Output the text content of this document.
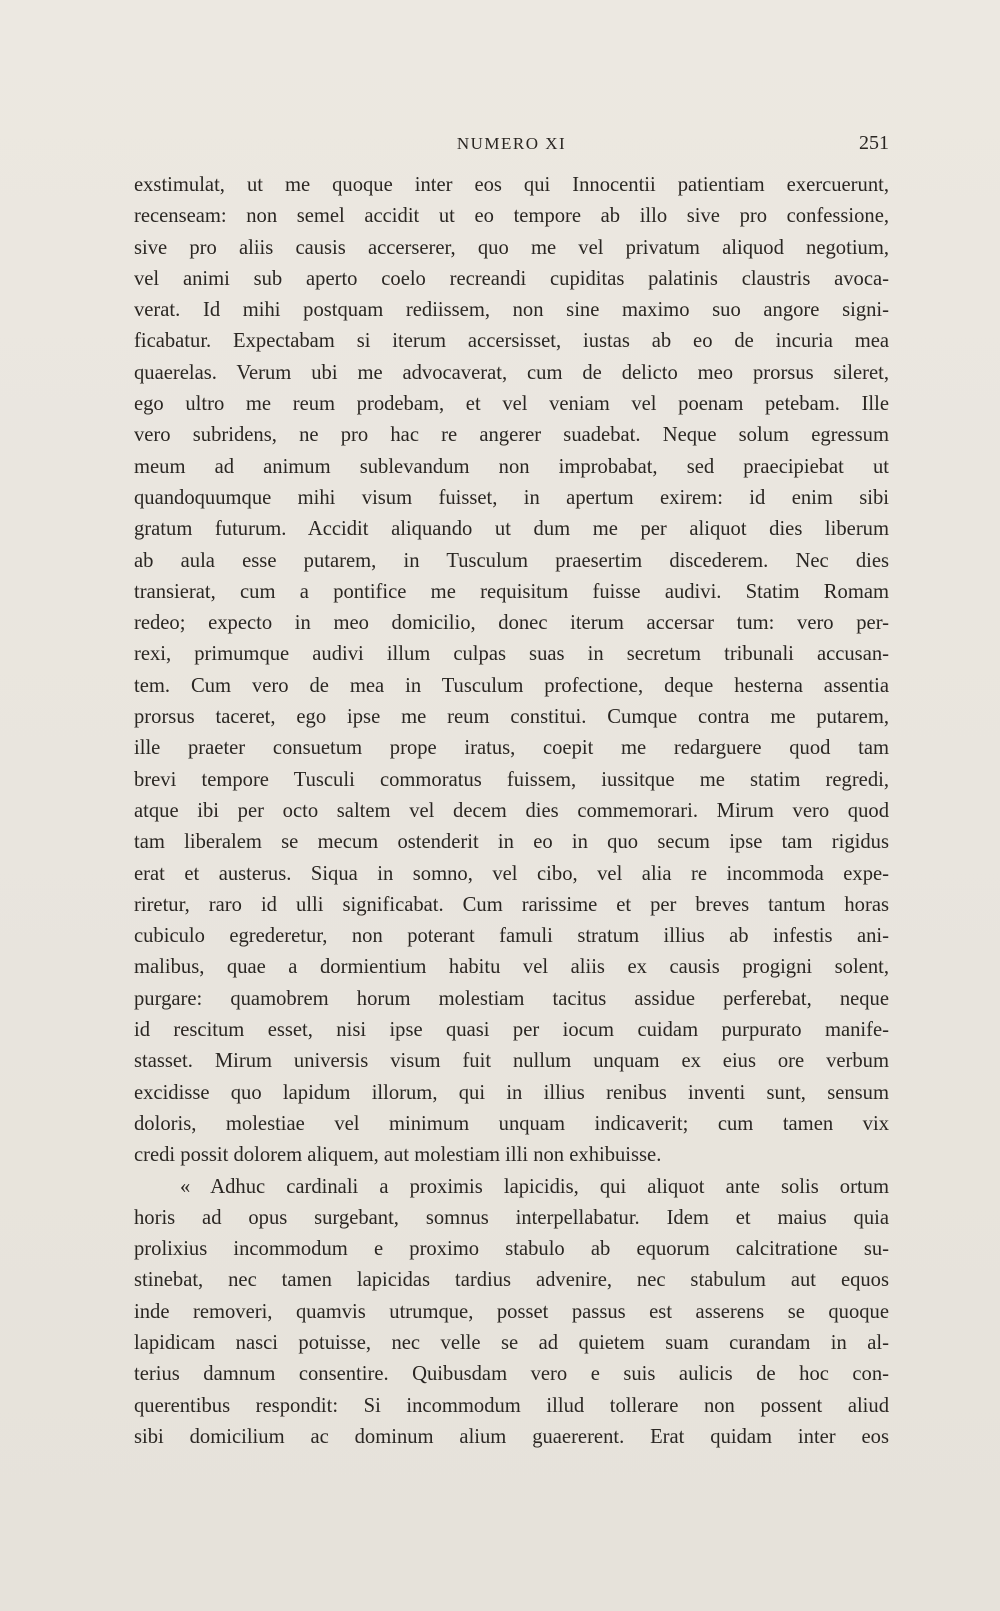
NUMERO XI	251
exstimulat, ut me quoque inter eos qui Innocentii patientiam exercuerunt,
recenseam: non semel accidit ut eo tempore ab illo sive pro confessione,
sive pro aliis causis accerserer, quo me vel privatum aliquod negotium,
vel animi sub aperto coelo recreandi cupiditas palatinis claustris avoca-
verat. Id mihi postquam rediissem, non sine maximo suo angore signi-
ficabatur. Expectabam si iterum accersisset, iustas ab eo de incuria mea
quaerelas. Verum ubi me advocaverat, cum de delicto meo prorsus sileret,
ego ultro me reum prodebam, et vel veniam vel poenam petebam. Ille
vero subridens, ne pro hac re angerer suadebat. Neque solum egressum
meum ad animum sublevandum non improbabat, sed praecipiebat ut
quandoquumque mihi visum fuisset, in apertum exirem: id enim sibi
gratum futurum. Accidit aliquando ut dum me per aliquot dies liberum
ab aula esse putarem, in Tusculum praesertim discederem. Nec dies
transierat, cum a pontifice me requisitum fuisse audivi. Statim Romam
redeo; expecto in meo domicilio, donec iterum accersar tum: vero per-
rexi, primumque audivi illum culpas suas in secretum tribunali accusan-
tem. Cum vero de mea in Tusculum profectione, deque hesterna assentia
prorsus taceret, ego ipse me reum constitui. Cumque contra me putarem,
ille praeter consuetum prope iratus, coepit me redarguere quod tam
brevi tempore Tusculi commoratus fuissem, iussitque me statim regredi,
atque ibi per octo saltem vel decem dies commemorari. Mirum vero quod
tam liberalem se mecum ostenderit in eo in quo secum ipse tam rigidus
erat et austerus. Siqua in somno, vel cibo, vel alia re incommoda expe-
riretur, raro id ulli significabat. Cum rarissime et per breves tantum horas
cubiculo egrederetur, non poterant famuli stratum illius ab infestis ani-
malibus, quae a dormientium habitu vel aliis ex causis progigni solent,
purgare: quamobrem horum molestiam tacitus assidue perferebat, neque
id rescitum esset, nisi ipse quasi per iocum cuidam purpurato manife-
stasset. Mirum universis visum fuit nullum unquam ex eius ore verbum
excidisse quo lapidum illorum, qui in illius renibus inventi sunt, sensum
doloris, molestiae vel minimum unquam indicaverit; cum tamen vix
credi possit dolorem aliquem, aut molestiam illi non exhibuisse.
« Adhuc cardinali a proximis lapicidis, qui aliquot ante solis ortum
horis ad opus surgebant, somnus interpellabatur. Idem et maius quia
prolixius incommodum e proximo stabulo ab equorum calcitratione su-
stinebat, nec tamen lapicidas tardius advenire, nec stabulum aut equos
inde removeri, quamvis utrumque, posset passus est asserens se quoque
lapidicam nasci potuisse, nec velle se ad quietem suam curandam in al-
terius damnum consentire. Quibusdam vero e suis aulicis de hoc con-
querentibus respondit: Si incommodum illud tollerare non possent aliud
sibi domicilium ac dominum alium guaererent. Erat quidam inter eos
